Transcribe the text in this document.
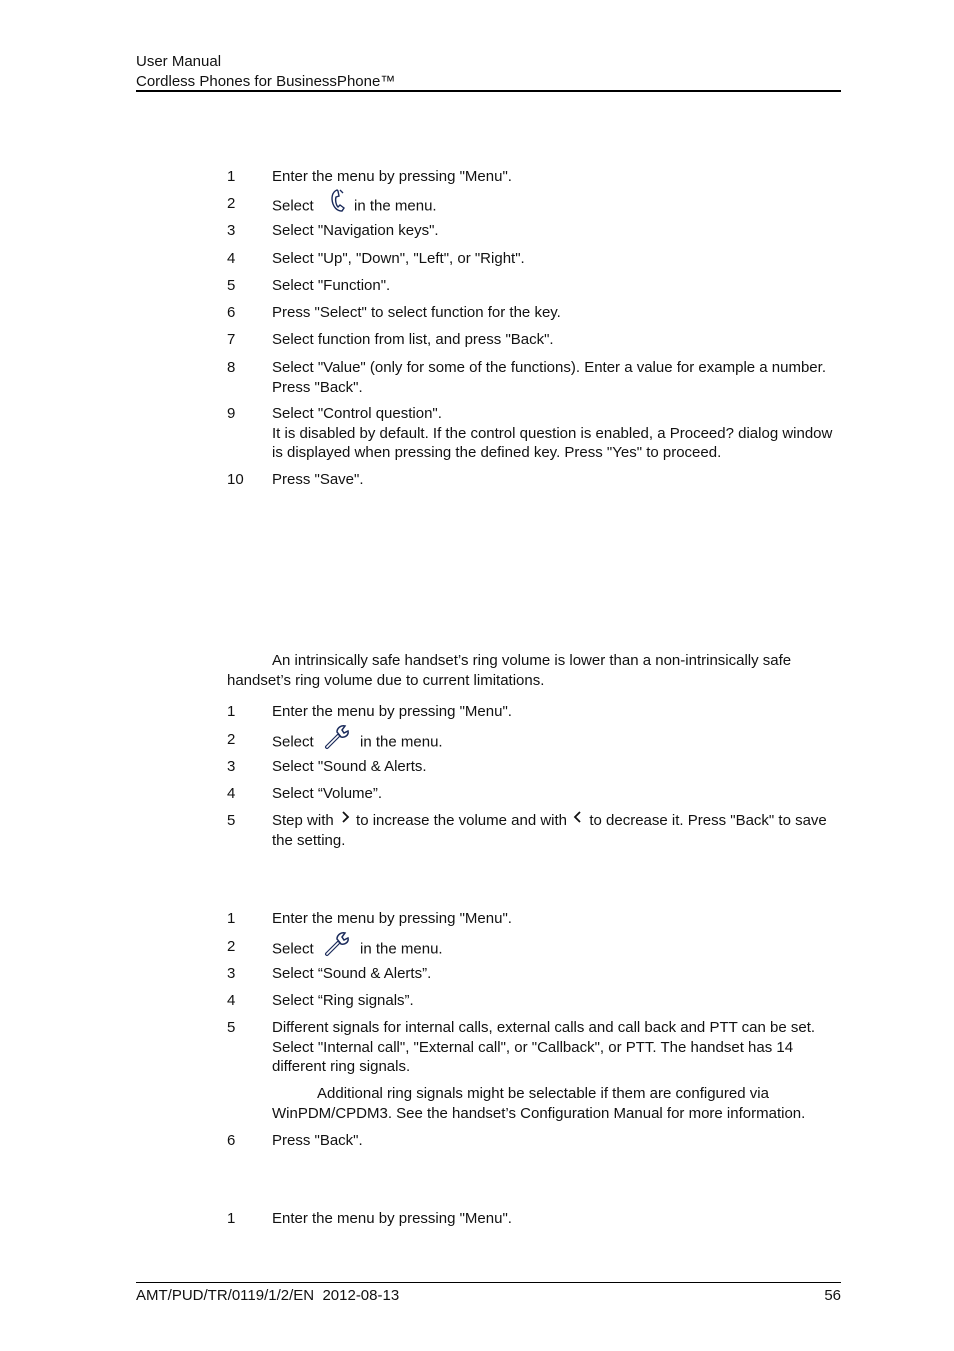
User Manual
Cordless Phones for BusinessPhone™
1 Enter the menu by pressing "Menu".
2 Select	in the menu.
3 Select "Navigation keys".
4 Select "Up", "Down", "Left", or "Right".
5 Select "Function".
6 Press "Select" to select function for the key.
7 Select function from list, and press "Back".
8 Select "Value" (only for some of the functions). Enter a value for example a number. Press "Back".
9 Select "Control question".
It is disabled by default. If the control question is enabled, a Proceed? dialog window is displayed when pressing the defined key. Press "Yes" to proceed.
10 Press "Save".
An intrinsically safe handset’s ring volume is lower than a non-intrinsically safe handset’s ring volume due to current limitations.
1 Enter the menu by pressing "Menu".
2 Select	in the menu.
3 Select "Sound & Alerts.
4 Select “Volume”.
5 Step with to increase the volume and with to decrease it. Press "Back" to save the setting.
1 Enter the menu by pressing "Menu".
2 Select	in the menu.
3 Select “Sound & Alerts”.
4 Select “Ring signals”.
5 Different signals for internal calls, external calls and call back and PTT can be set. Select "Internal call", "External call", or "Callback", or PTT. The handset has 14 different ring signals.
Additional ring signals might be selectable if them are configured via WinPDM/CPDM3. See the handset’s Configuration Manual for more information.
6 Press "Back".
1 Enter the menu by pressing "Menu".
AMT/PUD/TR/0119/1/2/EN  2012-08-13	56
